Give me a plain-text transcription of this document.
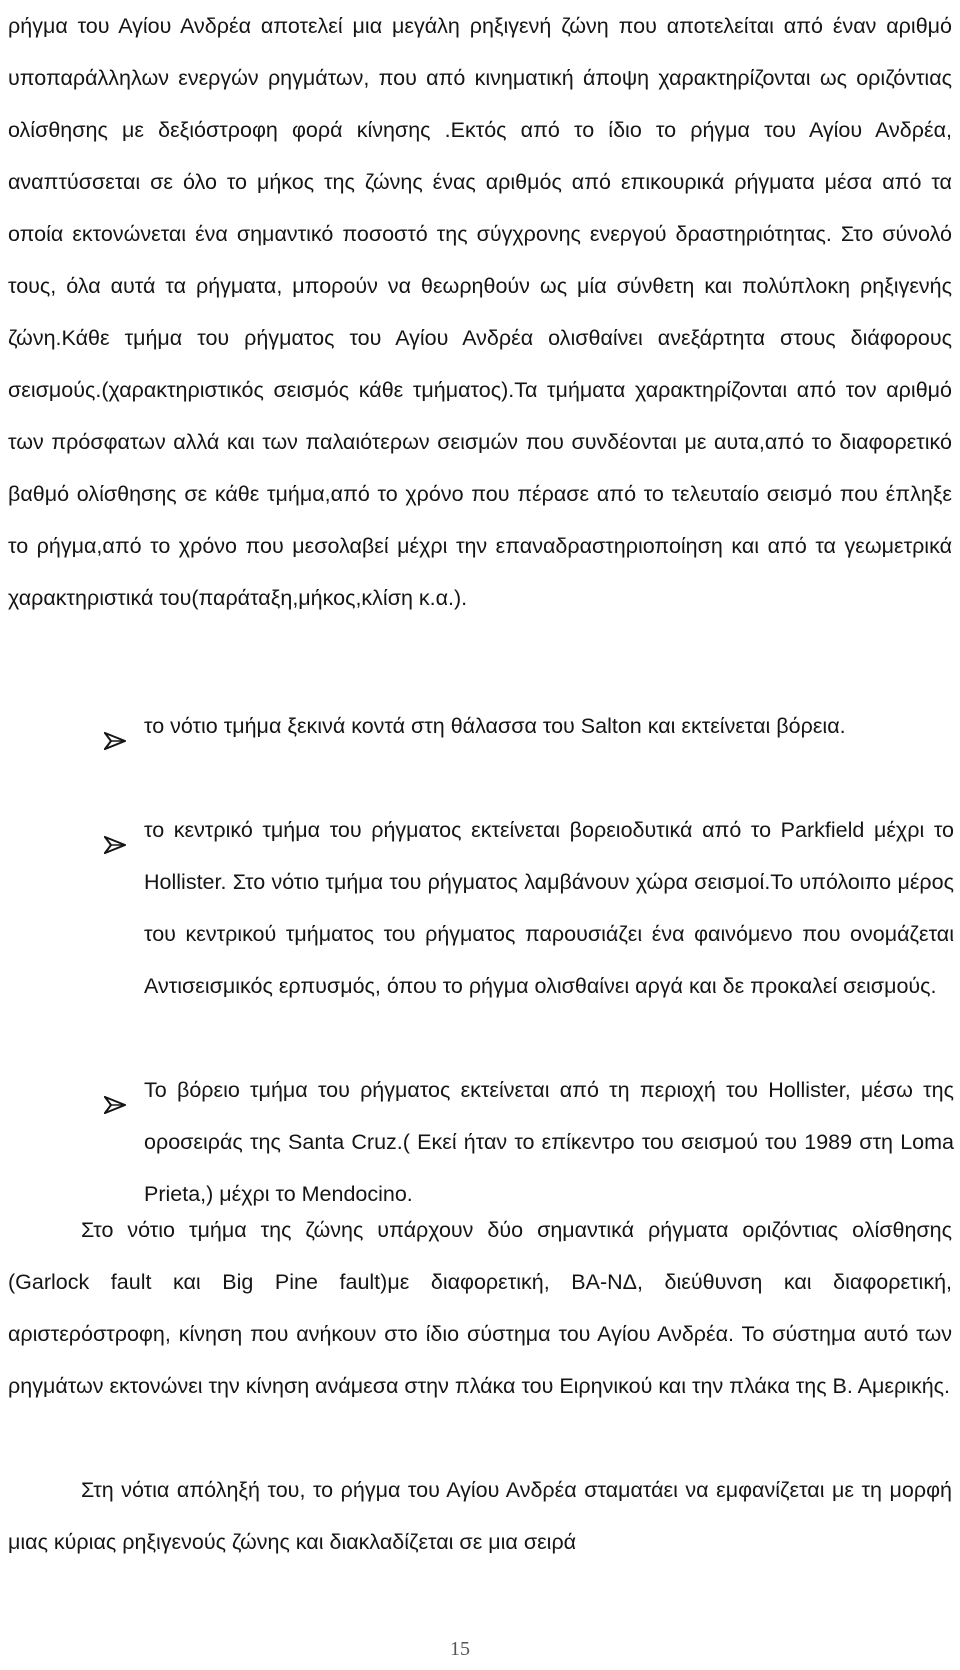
ρήγμα του Αγίου Ανδρέα αποτελεί μια μεγάλη ρηξιγενή ζώνη που αποτελείται από έναν αριθμό υποπαράλληλων ενεργών ρηγμάτων, που από κινηματική άποψη χαρακτηρίζονται ως οριζόντιας ολίσθησης με δεξιόστροφη φορά κίνησης .Εκτός από το ίδιο το ρήγμα του Αγίου Ανδρέα, αναπτύσσεται σε όλο το μήκος της ζώνης ένας αριθμός από επικουρικά ρήγματα μέσα από τα οποία εκτονώνεται ένα σημαντικό ποσοστό της σύγχρονης ενεργού δραστηριότητας. Στο σύνολό τους, όλα αυτά τα ρήγματα, μπορούν να θεωρηθούν ως μία σύνθετη και πολύπλοκη ρηξιγενής ζώνη.Κάθε τμήμα του ρήγματος του Αγίου Ανδρέα ολισθαίνει ανεξάρτητα στους διάφορους σεισμούς.(χαρακτηριστικός σεισμός κάθε τμήματος).Τα τμήματα χαρακτηρίζονται από τον αριθμό των πρόσφατων αλλά και των παλαιότερων σεισμών που συνδέονται με αυτα,από το διαφορετικό βαθμό ολίσθησης σε κάθε τμήμα,από το χρόνο που πέρασε από το τελευταίο σεισμό που έπληξε το ρήγμα,από το χρόνο που μεσολαβεί μέχρι την επαναδραστηριοποίηση και από τα γεωμετρικά χαρακτηριστικά του(παράταξη,μήκος,κλίση κ.α.).

το νότιο τμήμα ξεκινά κοντά στη θάλασσα του Salton και εκτείνεται βόρεια.
το κεντρικό τμήμα του ρήγματος εκτείνεται βορειοδυτικά από το Parkfield μέχρι το Hollister. Στο νότιο τμήμα του ρήγματος λαμβάνουν χώρα σεισμοί.Το υπόλοιπο μέρος του κεντρικού τμήματος του ρήγματος παρουσιάζει ένα φαινόμενο που ονομάζεται Αντισεισμικός ερπυσμός, όπου το ρήγμα ολισθαίνει αργά και δε προκαλεί σεισμούς.
Το βόρειο τμήμα του ρήγματος εκτείνεται από τη περιοχή του Hollister, μέσω της οροσειράς της Santa Cruz.( Εκεί ήταν το επίκεντρο του σεισμού του 1989 στη Loma Prieta,) μέχρι το Mendocino.

Στο νότιο τμήμα της ζώνης υπάρχουν δύο σημαντικά ρήγματα οριζόντιας ολίσθησης (Garlock fault και Big Pine fault)με διαφορετική, ΒΑ-ΝΔ, διεύθυνση και διαφορετική, αριστερόστροφη, κίνηση που ανήκουν στο ίδιο σύστημα του Αγίου Ανδρέα. Το σύστημα αυτό των ρηγμάτων εκτονώνει την κίνηση ανάμεσα στην πλάκα του Ειρηνικού και την πλάκα της Β. Αμερικής.

Στη νότια απόληξή του, το ρήγμα του Αγίου Ανδρέα σταματάει να εμφανίζεται με τη μορφή μιας κύριας ρηξιγενούς ζώνης και διακλαδίζεται σε μια σειρά

15
